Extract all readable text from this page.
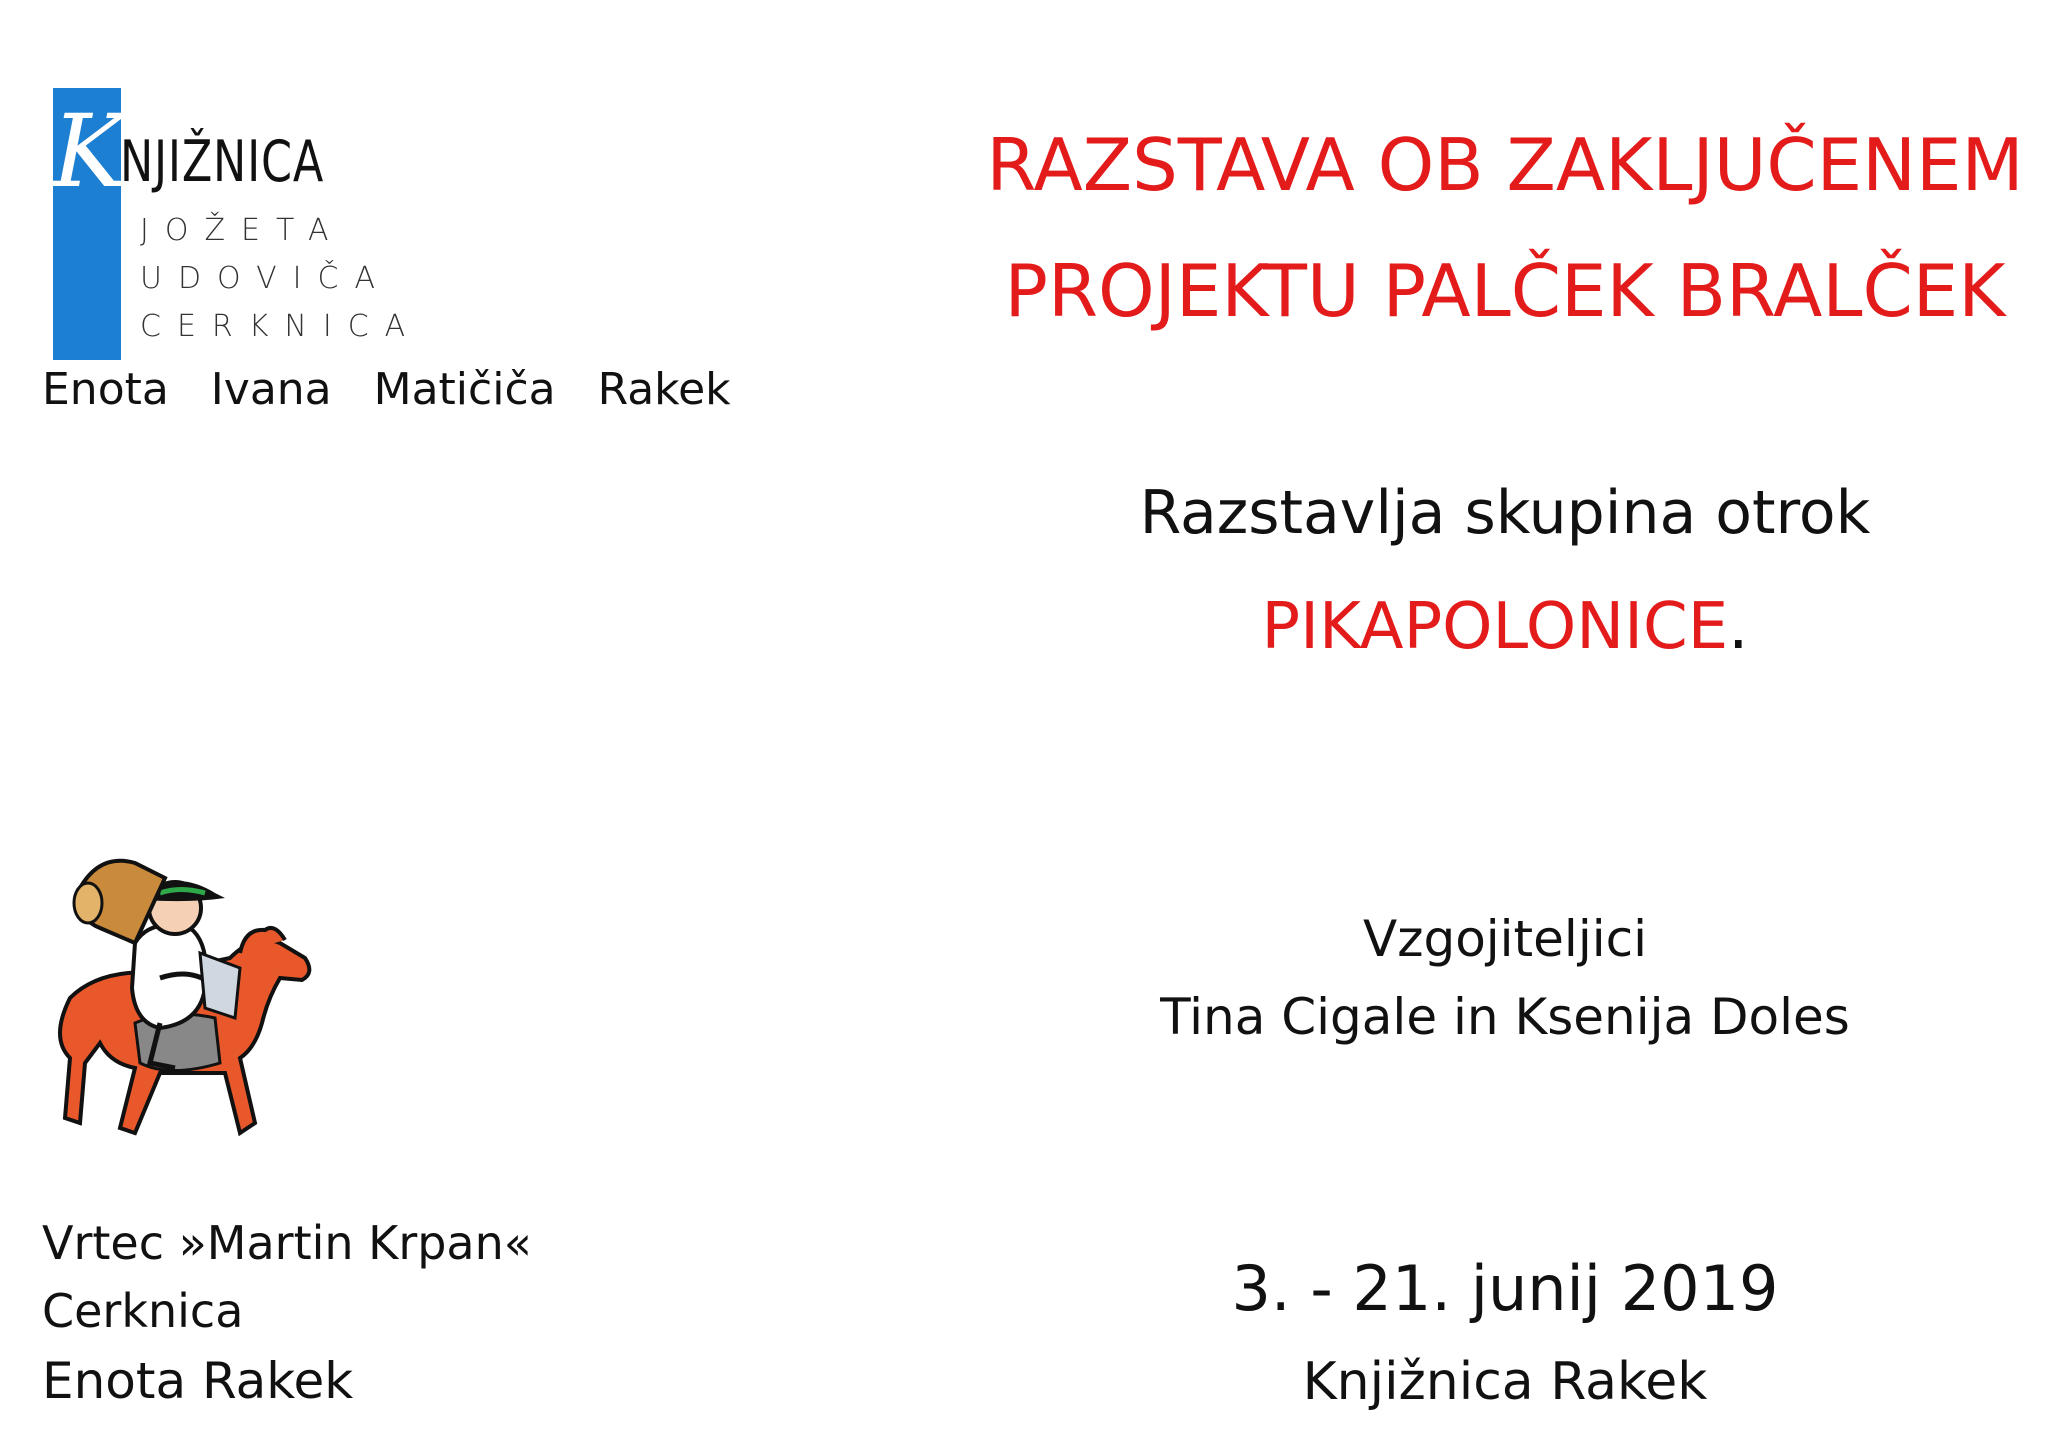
K
NJIŽNICA
JOŽETA
UDOVIČA
CERKNICA
Enota Ivana Matičiča Rakek
RAZSTAVA OB ZAKLJUČENEM
PROJEKTU PALČEK BRALČEK
Razstavlja skupina otrok
PIKAPOLONICE.
Vzgojiteljici
Tina Cigale in Ksenija Doles
3. - 21. junij 2019
Knjižnica Rakek
Vrtec »Martin Krpan«
Cerknica
Enota Rakek
